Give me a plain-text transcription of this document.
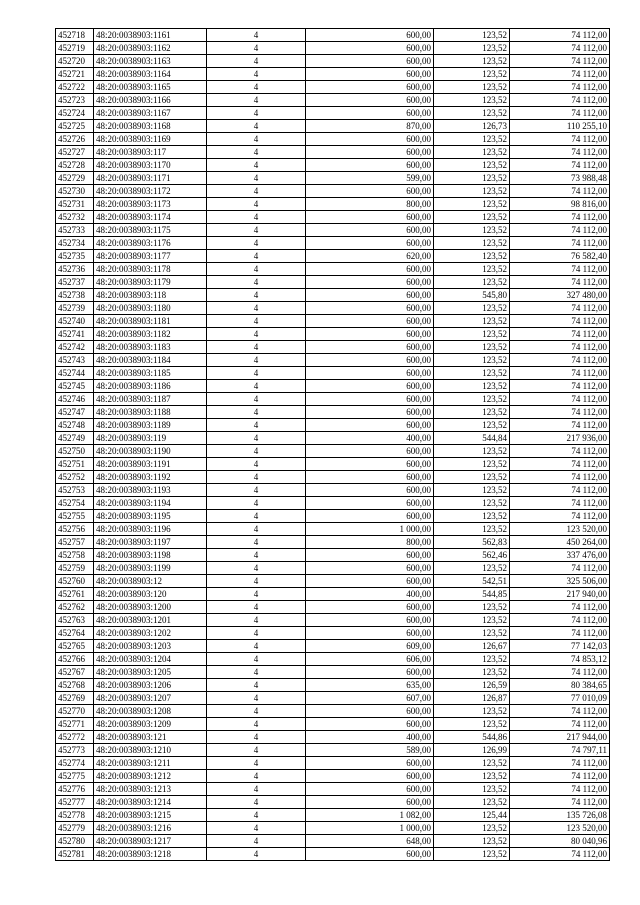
452718	48:20:0038903:1161	4	600,00	123,52	74 112,00
452719	48:20:0038903:1162	4	600,00	123,52	74 112,00
452720	48:20:0038903:1163	4	600,00	123,52	74 112,00
452721	48:20:0038903:1164	4	600,00	123,52	74 112,00
452722	48:20:0038903:1165	4	600,00	123,52	74 112,00
452723	48:20:0038903:1166	4	600,00	123,52	74 112,00
452724	48:20:0038903:1167	4	600,00	123,52	74 112,00
452725	48:20:0038903:1168	4	870,00	126,73	110 255,10
452726	48:20:0038903:1169	4	600,00	123,52	74 112,00
452727	48:20:0038903:117	4	600,00	123,52	74 112,00
452728	48:20:0038903:1170	4	600,00	123,52	74 112,00
452729	48:20:0038903:1171	4	599,00	123,52	73 988,48
452730	48:20:0038903:1172	4	600,00	123,52	74 112,00
452731	48:20:0038903:1173	4	800,00	123,52	98 816,00
452732	48:20:0038903:1174	4	600,00	123,52	74 112,00
452733	48:20:0038903:1175	4	600,00	123,52	74 112,00
452734	48:20:0038903:1176	4	600,00	123,52	74 112,00
452735	48:20:0038903:1177	4	620,00	123,52	76 582,40
452736	48:20:0038903:1178	4	600,00	123,52	74 112,00
452737	48:20:0038903:1179	4	600,00	123,52	74 112,00
452738	48:20:0038903:118	4	600,00	545,80	327 480,00
452739	48:20:0038903:1180	4	600,00	123,52	74 112,00
452740	48:20:0038903:1181	4	600,00	123,52	74 112,00
452741	48:20:0038903:1182	4	600,00	123,52	74 112,00
452742	48:20:0038903:1183	4	600,00	123,52	74 112,00
452743	48:20:0038903:1184	4	600,00	123,52	74 112,00
452744	48:20:0038903:1185	4	600,00	123,52	74 112,00
452745	48:20:0038903:1186	4	600,00	123,52	74 112,00
452746	48:20:0038903:1187	4	600,00	123,52	74 112,00
452747	48:20:0038903:1188	4	600,00	123,52	74 112,00
452748	48:20:0038903:1189	4	600,00	123,52	74 112,00
452749	48:20:0038903:119	4	400,00	544,84	217 936,00
452750	48:20:0038903:1190	4	600,00	123,52	74 112,00
452751	48:20:0038903:1191	4	600,00	123,52	74 112,00
452752	48:20:0038903:1192	4	600,00	123,52	74 112,00
452753	48:20:0038903:1193	4	600,00	123,52	74 112,00
452754	48:20:0038903:1194	4	600,00	123,52	74 112,00
452755	48:20:0038903:1195	4	600,00	123,52	74 112,00
452756	48:20:0038903:1196	4	1 000,00	123,52	123 520,00
452757	48:20:0038903:1197	4	800,00	562,83	450 264,00
452758	48:20:0038903:1198	4	600,00	562,46	337 476,00
452759	48:20:0038903:1199	4	600,00	123,52	74 112,00
452760	48:20:0038903:12	4	600,00	542,51	325 506,00
452761	48:20:0038903:120	4	400,00	544,85	217 940,00
452762	48:20:0038903:1200	4	600,00	123,52	74 112,00
452763	48:20:0038903:1201	4	600,00	123,52	74 112,00
452764	48:20:0038903:1202	4	600,00	123,52	74 112,00
452765	48:20:0038903:1203	4	609,00	126,67	77 142,03
452766	48:20:0038903:1204	4	606,00	123,52	74 853,12
452767	48:20:0038903:1205	4	600,00	123,52	74 112,00
452768	48:20:0038903:1206	4	635,00	126,59	80 384,65
452769	48:20:0038903:1207	4	607,00	126,87	77 010,09
452770	48:20:0038903:1208	4	600,00	123,52	74 112,00
452771	48:20:0038903:1209	4	600,00	123,52	74 112,00
452772	48:20:0038903:121	4	400,00	544,86	217 944,00
452773	48:20:0038903:1210	4	589,00	126,99	74 797,11
452774	48:20:0038903:1211	4	600,00	123,52	74 112,00
452775	48:20:0038903:1212	4	600,00	123,52	74 112,00
452776	48:20:0038903:1213	4	600,00	123,52	74 112,00
452777	48:20:0038903:1214	4	600,00	123,52	74 112,00
452778	48:20:0038903:1215	4	1 082,00	125,44	135 726,08
452779	48:20:0038903:1216	4	1 000,00	123,52	123 520,00
452780	48:20:0038903:1217	4	648,00	123,52	80 040,96
452781	48:20:0038903:1218	4	600,00	123,52	74 112,00
